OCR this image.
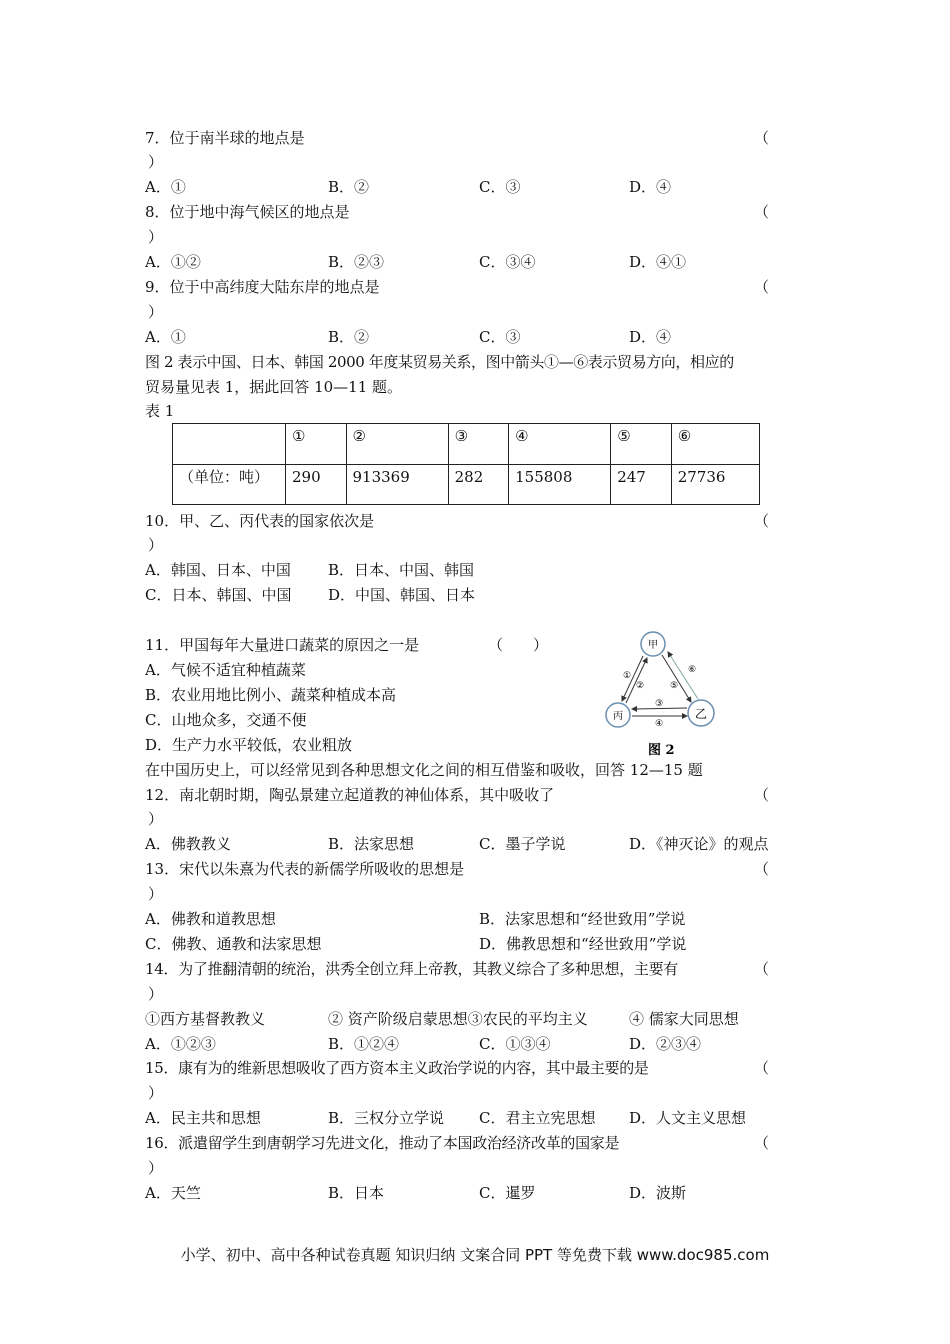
7．位于南半球的地点是	（
）
A．①	B．②	C．③	D．④
8．位于地中海气候区的地点是	（
）
A．①②	B．②③	C．③④	D．④①
9．位于中高纬度大陆东岸的地点是	（
）
A．①	B．②	C．③	D．④
图 2 表示中国、日本、韩国 2000 年度某贸易关系，图中箭头①—⑥表示贸易方向，相应的
贸易量见表 1，据此回答 10—11 题。
表 1
	①	②	③	④	⑤	⑥
（单位：吨）	290	913369	282	155808	247	27736
10．甲、乙、丙代表的国家依次是	（
）
A．韩国、日本、中国 B．日本、中国、韩国
C．日本、韩国、中国 D．中国、韩国、日本
11．甲国每年大量进口蔬菜的原因之一是	（　　）
A．气候不适宜种植蔬菜
B．农业用地比例小、蔬菜种植成本高
C．山地众多，交通不便
D．生产力水平较低，农业粗放
甲
乙
丙
①
②
③
④
⑤
⑥
图 2
在中国历史上，可以经常见到各种思想文化之间的相互借鉴和吸收，回答 12—15 题
12．南北朝时期，陶弘景建立起道教的神仙体系，其中吸收了	（
）
A．佛教教义	B．法家思想	C．墨子学说	D．《神灭论》的观点
13．宋代以朱熹为代表的新儒学所吸收的思想是	（
）
A．佛教和道教思想	B．法家思想和“经世致用”学说
C．佛教、通教和法家思想	D．佛教思想和“经世致用”学说
14．为了推翻清朝的统治，洪秀全创立拜上帝教，其教义综合了多种思想，主要有	（
）
①西方基督教教义	② 资产阶级启蒙思想③农民的平均主义	④ 儒家大同思想
A．①②③	B．①②④	C．①③④	D．②③④
15．康有为的维新思想吸收了西方资本主义政治学说的内容，其中最主要的是	（
）
A．民主共和思想	B．三权分立学说 C．君主立宪思想 D．人文主义思想
16．派遣留学生到唐朝学习先进文化，推动了本国政治经济改革的国家是	（
）
A．天竺	B．日本	C．暹罗	D．波斯
小学、初中、高中各种试卷真题 知识归纳 文案合同 PPT 等免费下载 www.doc985.com
